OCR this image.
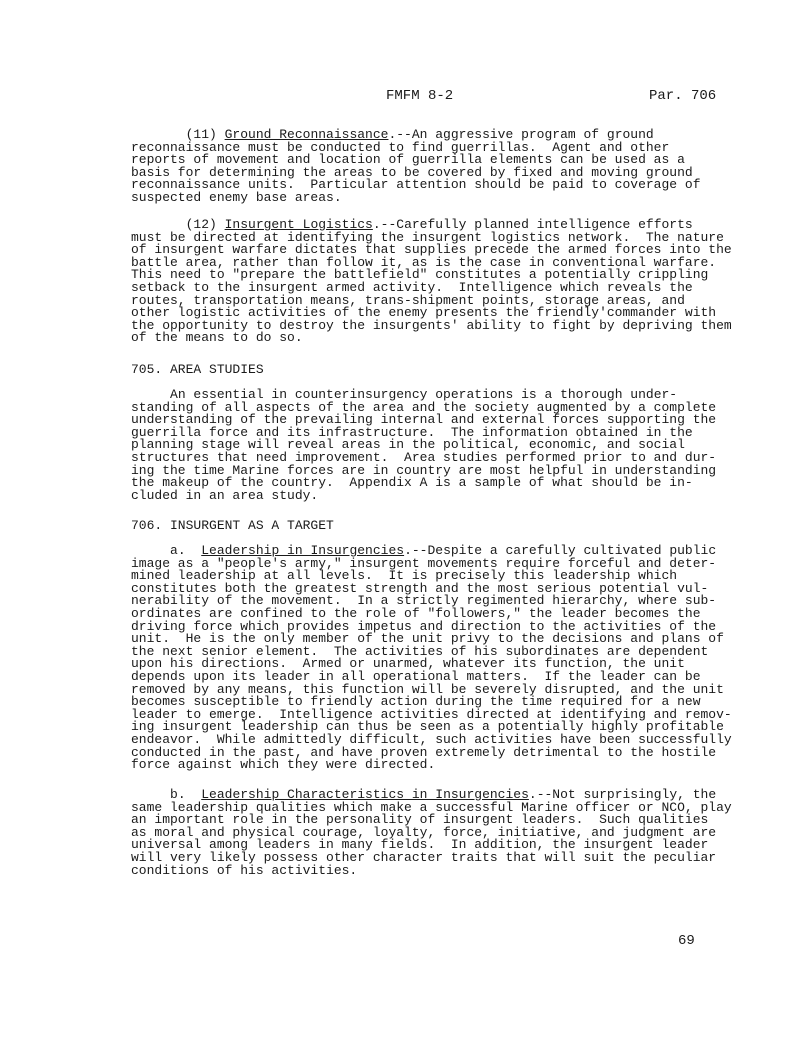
FMFM 8-2	Par. 706
(11) Ground Reconnaissance.--An aggressive program of ground
reconnaissance must be conducted to find guerrillas.  Agent and other
reports of movement and location of guerrilla elements can be used as a
basis for determining the areas to be covered by fixed and moving ground
reconnaissance units.  Particular attention should be paid to coverage of
suspected enemy base areas.
(12) Insurgent Logistics.--Carefully planned intelligence efforts
must be directed at identifying the insurgent logistics network.  The nature
of insurgent warfare dictates that supplies precede the armed forces into the
battle area, rather than follow it, as is the case in conventional warfare.
This need to "prepare the battlefield" constitutes a potentially crippling
setback to the insurgent armed activity.  Intelligence which reveals the
routes, transportation means, trans-shipment points, storage areas, and
other logistic activities of the enemy presents the friendly'commander with
the opportunity to destroy the insurgents' ability to fight by depriving them
of the means to do so.
705. AREA STUDIES
An essential in counterinsurgency operations is a thorough under-
standing of all aspects of the area and the society augmented by a complete
understanding of the prevailing internal and external forces supporting the
guerrilla force and its infrastructure.  The information obtained in the
planning stage will reveal areas in the political, economic, and social
structures that need improvement.  Area studies performed prior to and dur-
ing the time Marine forces are in country are most helpful in understanding
the makeup of the country.  Appendix A is a sample of what should be in-
cluded in an area study.
706. INSURGENT AS A TARGET
a.  Leadership in Insurgencies.--Despite a carefully cultivated public
image as a "people's army," insurgent movements require forceful and deter-
mined leadership at all levels.  It is precisely this leadership which
constitutes both the greatest strength and the most serious potential vul-
nerability of the movement.  In a strictly regimented hierarchy, where sub-
ordinates are confined to the role of "followers," the leader becomes the
driving force which provides impetus and direction to the activities of the
unit.  He is the only member of the unit privy to the decisions and plans of
the next senior element.  The activities of his subordinates are dependent
upon his directions.  Armed or unarmed, whatever its function, the unit
depends upon its leader in all operational matters.  If the leader can be
removed by any means, this function will be severely disrupted, and the unit
becomes susceptible to friendly action during the time required for a new
leader to emerge.  Intelligence activities directed at identifying and remov-
ing insurgent leadership can thus be seen as a potentially highly profitable
endeavor.  While admittedly difficult, such activities have been successfully
conducted in the past, and have proven extremely detrimental to the hostile
force against which they were directed.
b.  Leadership Characteristics in Insurgencies.--Not surprisingly, the
same leadership qualities which make a successful Marine officer or NCO, play
an important role in the personality of insurgent leaders.  Such qualities
as moral and physical courage, loyalty, force, initiative, and judgment are
universal among leaders in many fields.  In addition, the insurgent leader
will very likely possess other character traits that will suit the peculiar
conditions of his activities.
69
